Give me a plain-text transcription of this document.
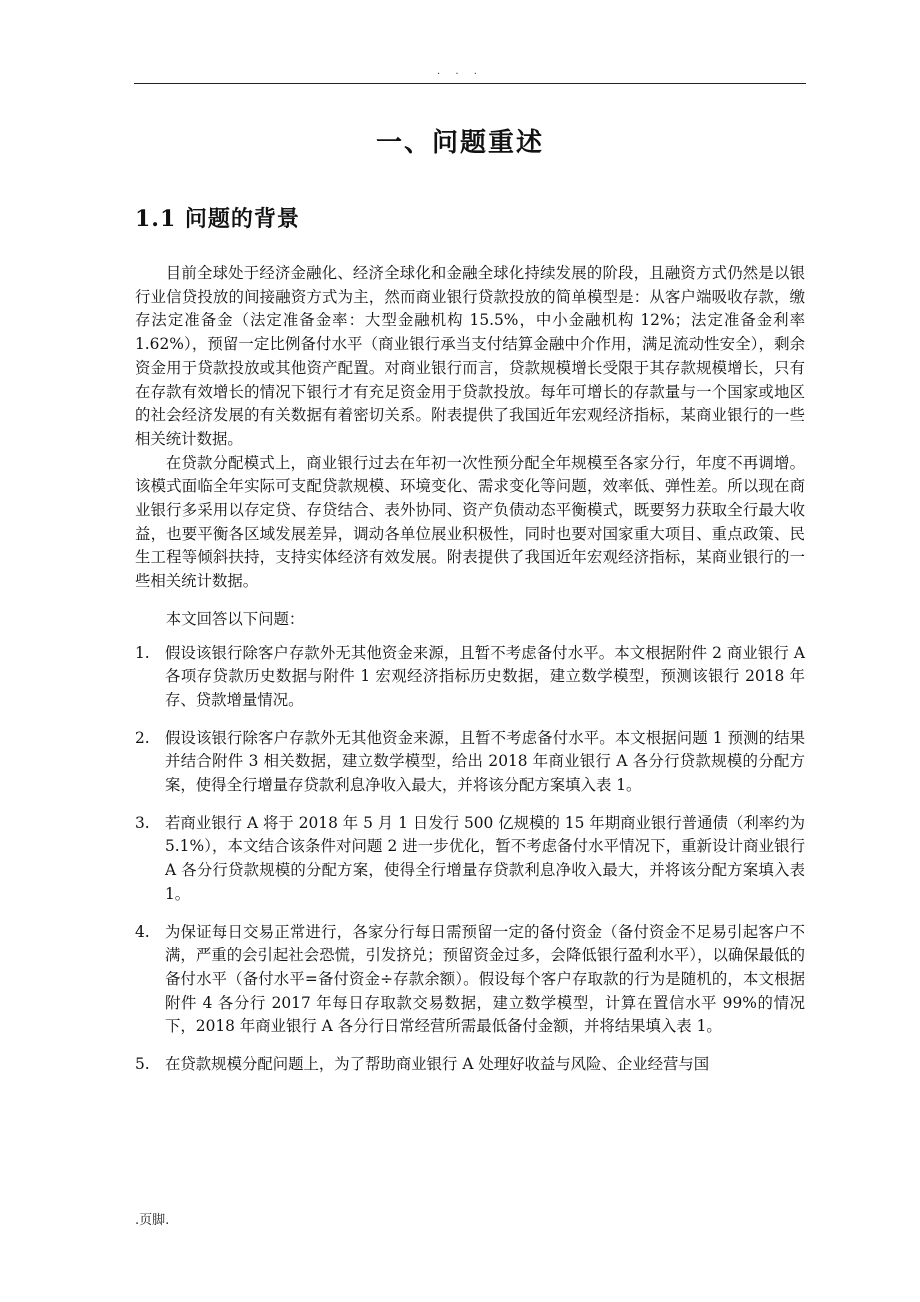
. . .
一、问题重述
1.1 问题的背景

目前全球处于经济金融化、经济全球化和金融全球化持续发展的阶段，且融资方式仍然是以银行业信贷投放的间接融资方式为主，然而商业银行贷款投放的简单模型是：从客户端吸收存款，缴存法定准备金（法定准备金率：大型金融机构 15.5%，中小金融机构 12%；法定准备金利率 1.62%），预留一定比例备付水平（商业银行承当支付结算金融中介作用，满足流动性安全），剩余资金用于贷款投放或其他资产配置。对商业银行而言，贷款规模增长受限于其存款规模增长，只有在存款有效增长的情况下银行才有充足资金用于贷款投放。每年可增长的存款量与一个国家或地区的社会经济发展的有关数据有着密切关系。附表提供了我国近年宏观经济指标，某商业银行的一些相关统计数据。

在贷款分配模式上，商业银行过去在年初一次性预分配全年规模至各家分行，年度不再调增。该模式面临全年实际可支配贷款规模、环境变化、需求变化等问题，效率低、弹性差。所以现在商业银行多采用以存定贷、存贷结合、表外协同、资产负债动态平衡模式，既要努力获取全行最大收益，也要平衡各区域发展差异，调动各单位展业积极性，同时也要对国家重大项目、重点政策、民生工程等倾斜扶持，支持实体经济有效发展。附表提供了我国近年宏观经济指标，某商业银行的一些相关统计数据。

本文回答以下问题：

1. 假设该银行除客户存款外无其他资金来源，且暂不考虑备付水平。本文根据附件 2 商业银行 A 各项存贷款历史数据与附件 1 宏观经济指标历史数据，建立数学模型，预测该银行 2018 年存、贷款增量情况。
2. 假设该银行除客户存款外无其他资金来源，且暂不考虑备付水平。本文根据问题 1 预测的结果并结合附件 3 相关数据，建立数学模型，给出 2018 年商业银行 A 各分行贷款规模的分配方案，使得全行增量存贷款利息净收入最大，并将该分配方案填入表 1。
3. 若商业银行 A 将于 2018 年 5 月 1 日发行 500 亿规模的 15 年期商业银行普通债（利率约为 5.1%），本文结合该条件对问题 2 进一步优化，暂不考虑备付水平情况下，重新设计商业银行 A 各分行贷款规模的分配方案，使得全行增量存贷款利息净收入最大，并将该分配方案填入表 1。
4. 为保证每日交易正常进行，各家分行每日需预留一定的备付资金（备付资金不足易引起客户不满，严重的会引起社会恐慌，引发挤兑；预留资金过多，会降低银行盈利水平），以确保最低的备付水平（备付水平=备付资金÷存款余额）。假设每个客户存取款的行为是随机的，本文根据附件 4 各分行 2017 年每日存取款交易数据，建立数学模型，计算在置信水平 99%的情况下，2018 年商业银行 A 各分行日常经营所需最低备付金额，并将结果填入表 1。
5. 在贷款规模分配问题上，为了帮助商业银行 A 处理好收益与风险、企业经营与国
.页脚.
